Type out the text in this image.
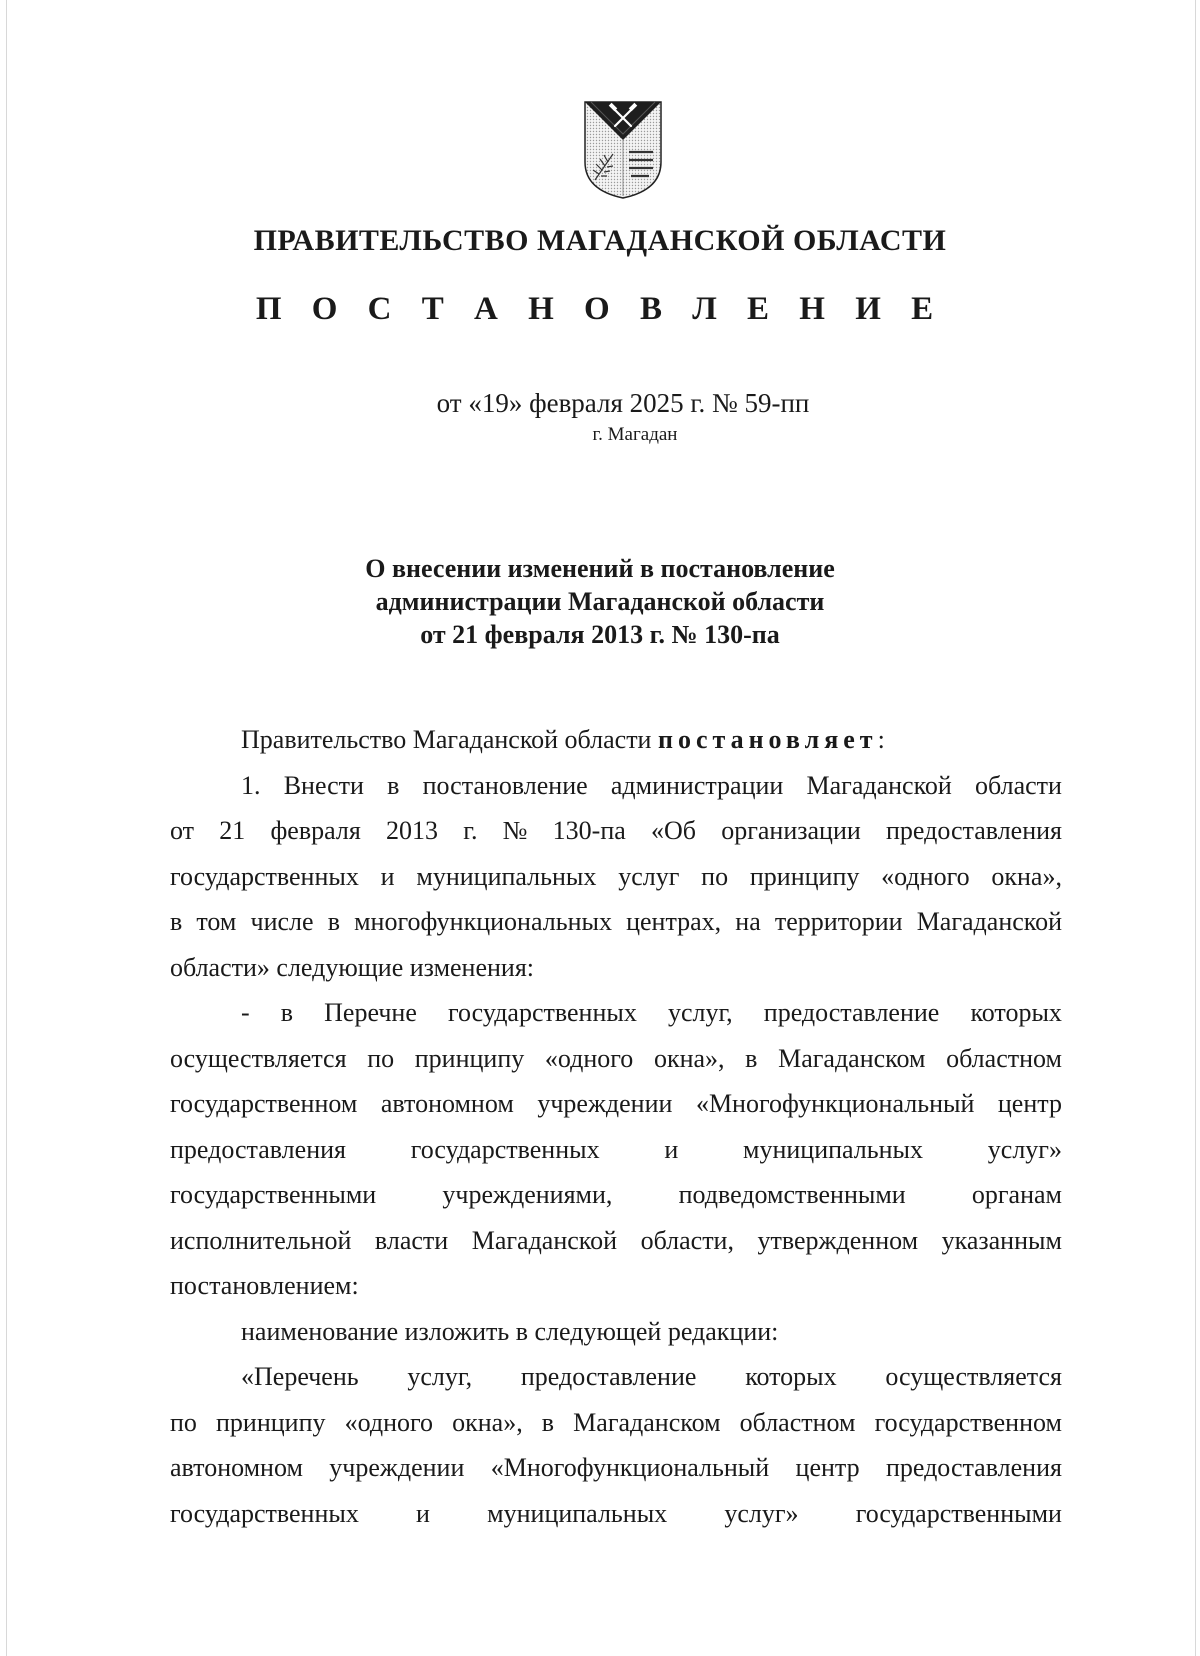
ПРАВИТЕЛЬСТВО МАГАДАНСКОЙ ОБЛАСТИ
П О С Т А Н О В Л Е Н И Е
от «19» февраля 2025 г. № 59-пп
г. Магадан
О внесении изменений в постановление
администрации Магаданской области
от 21 февраля 2013 г. № 130-па
Правительство Магаданской области постановляет:
1. Внести в постановление администрации Магаданской области
от 21 февраля 2013 г. № 130-па «Об организации предоставления
государственных и муниципальных услуг по принципу «одного окна»,
в том числе в многофункциональных центрах, на территории Магаданской
области» следующие изменения:
- в Перечне государственных услуг, предоставление которых
осуществляется по принципу «одного окна», в Магаданском областном
государственном автономном учреждении «Многофункциональный центр
предоставления государственных и муниципальных услуг»
государственными	учреждениями,	подведомственными	органам
исполнительной власти Магаданской области, утвержденном указанным
постановлением:
наименование изложить в следующей редакции:
«Перечень услуг, предоставление которых осуществляется
по принципу «одного окна», в Магаданском областном государственном
автономном учреждении «Многофункциональный центр предоставления
государственных и муниципальных услуг» государственными
